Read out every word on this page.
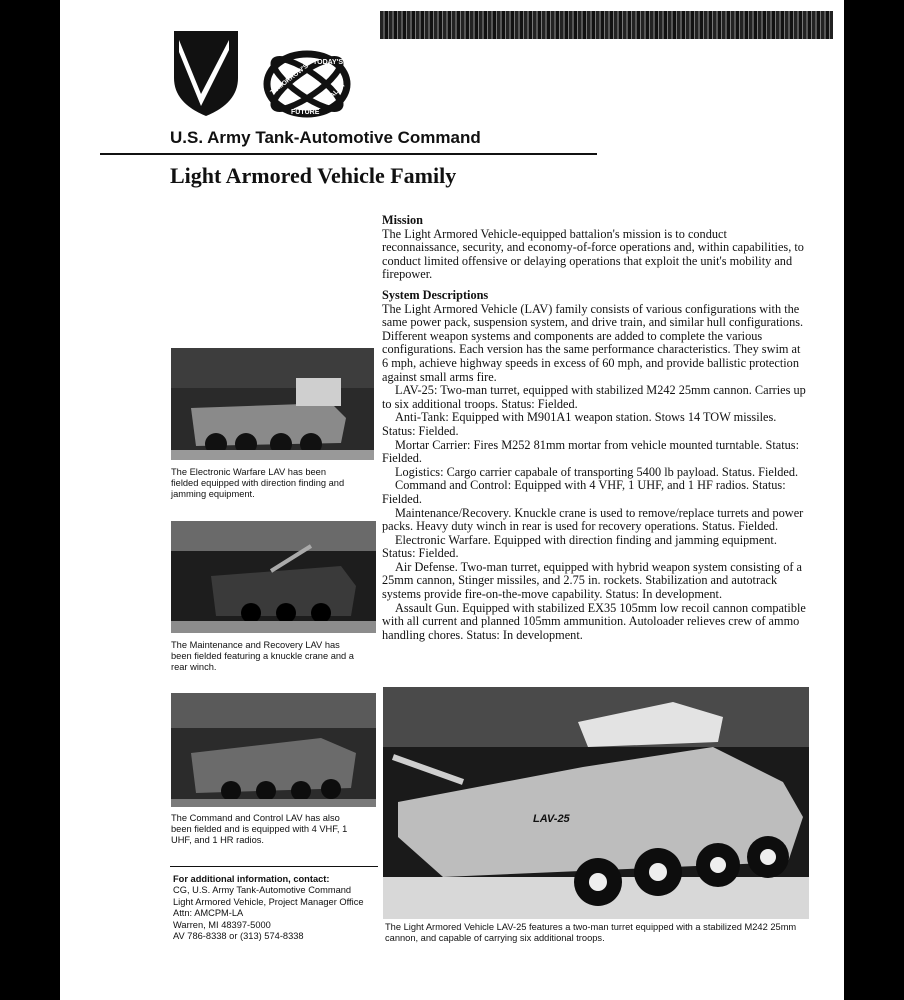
TODAY'S
TOMORROW'S
FUTURE
REALITY
U.S. Army Tank-Automotive Command
Light Armored Vehicle Family
Mission
The Light Armored Vehicle-equipped battalion's mission is to conduct reconnaissance, security, and economy-of-force operations and, within capabilities, to conduct limited offensive or delaying operations that exploit the unit's mobility and firepower.
System Descriptions
The Light Armored Vehicle (LAV) family consists of various configurations with the same power pack, suspension system, and drive train, and similar hull configurations. Different weapon systems and components are added to complete the various configurations. Each version has the same performance characteristics. They swim at 6 mph, achieve highway speeds in excess of 60 mph, and provide ballistic protection against small arms fire.
LAV-25: Two-man turret, equipped with stabilized M242 25mm cannon. Carries up to six additional troops. Status: Fielded.
Anti-Tank: Equipped with M901A1 weapon station. Stows 14 TOW missiles. Status: Fielded.
Mortar Carrier: Fires M252 81mm mortar from vehicle mounted turntable. Status: Fielded.
Logistics: Cargo carrier capabale of transporting 5400 lb payload. Status. Fielded.
Command and Control: Equipped with 4 VHF, 1 UHF, and 1 HF radios. Status: Fielded.
Maintenance/Recovery. Knuckle crane is used to remove/replace turrets and power packs. Heavy duty winch in rear is used for recovery operations. Status. Fielded.
Electronic Warfare. Equipped with direction finding and jamming equipment. Status: Fielded.
Air Defense. Two-man turret, equipped with hybrid weapon system consisting of a 25mm cannon, Stinger missiles, and 2.75 in. rockets. Stabilization and autotrack systems provide fire-on-the-move capability. Status: In development.
Assault Gun. Equipped with stabilized EX35 105mm low recoil cannon compatible with all current and planned 105mm ammunition. Autoloader relieves crew of ammo handling chores. Status: In development.
The Electronic Warfare LAV has been fielded equipped with direction finding and jamming equipment.
The Maintenance and Recovery LAV has been fielded featuring a knuckle crane and a rear winch.
The Command and Control LAV has also been fielded and is equipped with 4 VHF, 1 UHF, and 1 HR radios.
LAV-25
The Light Armored Vehicle LAV-25 features a two-man turret equipped with a stabilized M242 25mm cannon, and capable of carrying six additional troops.
For additional information, contact:
CG, U.S. Army Tank-Automotive Command
Light Armored Vehicle, Project Manager Office
Attn: AMCPM-LA
Warren, MI 48397-5000
AV 786-8338 or (313) 574-8338
